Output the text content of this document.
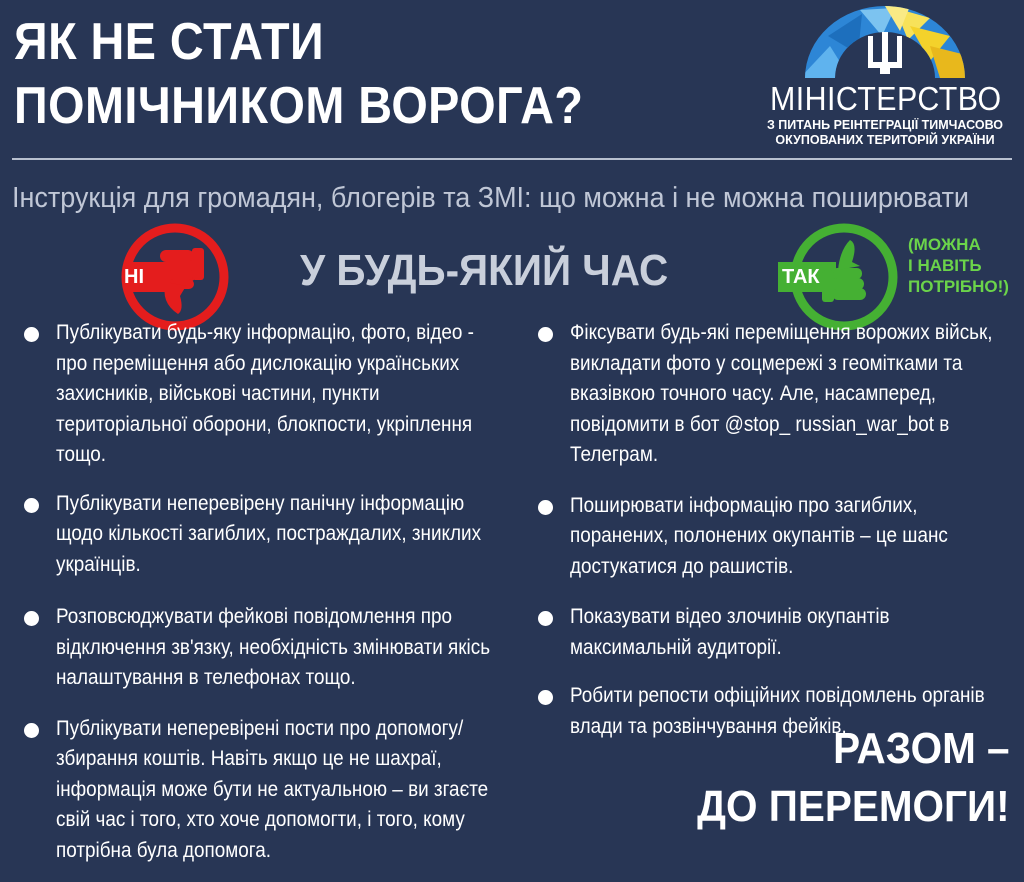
ЯК НЕ СТАТИ
ПОМІЧНИКОМ ВОРОГА?	МІНІСТЕРСТВО
З ПИТАНЬ РЕІНТЕГРАЦІЇ ТИМЧАСОВО
ОКУПОВАНИХ ТЕРИТОРІЙ УКРАЇНИ
Інструкція для громадян, блогерів та ЗМІ: що можна і не можна поширювати
НІ	У БУДЬ-ЯКИЙ ЧАС	ТАК
(МОЖНА
І НАВІТЬ
ПОТРІБНО!)
Публікувати будь-яку інформацію, фото, відео - про переміщення або дислокацію українських захисників, військові частини, пункти територіальної оборони, блокпости, укріплення тощо.
Публікувати неперевірену панічну інформацію щодо кількості загиблих, постраждалих, зниклих українців.
Розповсюджувати фейкові повідомлення про відключення зв'язку, необхідність змінювати якісь налаштування в телефонах тощо.
Публікувати неперевірені пости про допомогу/ збирання коштів. Навіть якщо це не шахраї, інформація може бути не актуальною – ви згаєте свій час і того, хто хоче допомогти, і того, кому потрібна була допомога.
Фіксувати будь-які переміщення ворожих військ, викладати фото у соцмережі з геомітками та вказівкою точного часу. Але, насамперед, повідомити в бот @stop_ russian_war_bot в Телеграм.
Поширювати інформацію про загиблих, поранених, полонених окупантів – це шанс достукатися до рашистів.
Показувати відео злочинів окупантів максимальній аудиторії.
Робити репости офіційних повідомлень органів влади та розвінчування фейків.
РАЗОМ –
ДО ПЕРЕМОГИ!
